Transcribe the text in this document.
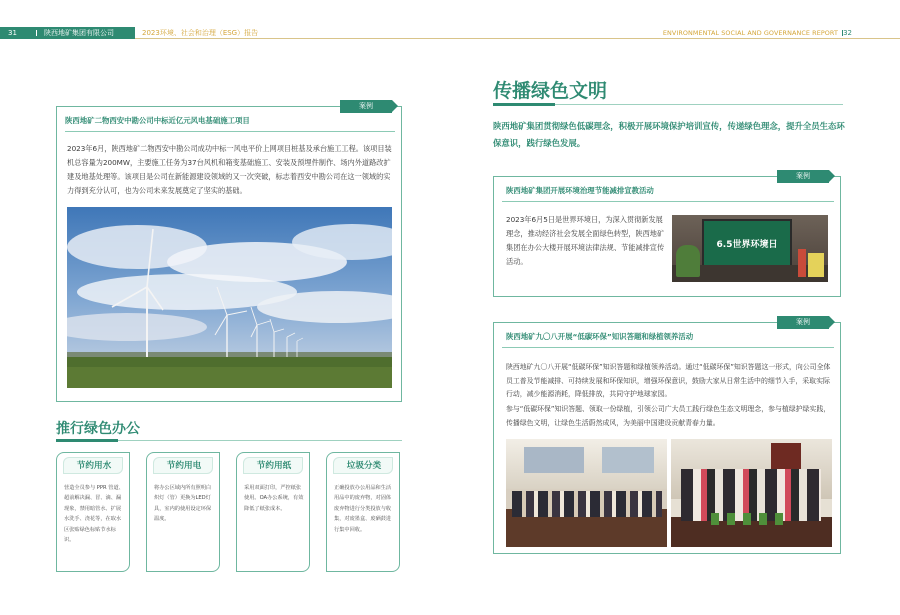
31	陕西地矿集团有限公司	2023环境、社会和治理（ESG）报告	ENVIRONMENTAL SOCIAL AND GOVERNANCE REPORT 32
案例
陕西地矿二物西安中勘公司中标近亿元风电基础施工项目
2023年6月，陕西地矿二物西安中勘公司成功中标一风电平价上网项目桩基及承台施工工程。该项目装机总容量为200MW，主要施工任务为37台风机和箱变基础施工、安装及预埋件制作、场内外道路改扩建及地基处理等。该项目是公司在新能源建设领域的又一次突破，标志着西安中勘公司在这一领域的实力得到充分认可，也为公司未来发展奠定了坚实的基础。
推行绿色办公
节约用水
营造全员参与 PPR 管道、超前解决漏、冒、滴、漏现象，禁用暗管水、扩展水洗手、浇花等，在取水区张贴绿色标贴节水标识。
节约用电
将办公区域内所有照明白炽灯（管）更换为LED灯具，室内的使用设定环保温度。
节约用纸
采用双面打印，严控纸张使用。OA办公系统，有效降低了纸张成本。
垃圾分类
正确投放办公用品和生活用品中的废弃物，对固体废弃物进行分类投放与收集，对废墨盒、废硒鼓进行集中回收。
传播绿色文明
陕西地矿集团贯彻绿色低碳理念，积极开展环境保护培训宣传，传递绿色理念，提升全员生态环保意识，践行绿色发展。
案例
陕西地矿集团开展环境治理节能减排宣教活动
2023年6月5日是世界环境日，为深入贯彻新发展理念，推动经济社会发展全面绿色转型，陕西地矿集团在办公大楼开展环境法律法规、节能减排宣传活动。
6.5世界环境日
案例
陕西地矿九〇八开展“低碳环保”知识答题和绿植领养活动
陕西地矿九〇八开展“低碳环保”知识答题和绿植领养活动。通过“低碳环保”知识答题这一形式，向公司全体员工普及节能减排、可持续发展和环保知识，增强环保意识，鼓励大家从日常生活中的细节入手，采取实际行动，减少能源消耗，降低排放，共同守护地球家园。
参与“低碳环保”知识答题、领取一份绿植，引领公司广大员工践行绿色生态文明理念，参与植绿护绿实践，传播绿色文明，让绿色生活蔚然成风，为美丽中国建设贡献青春力量。
